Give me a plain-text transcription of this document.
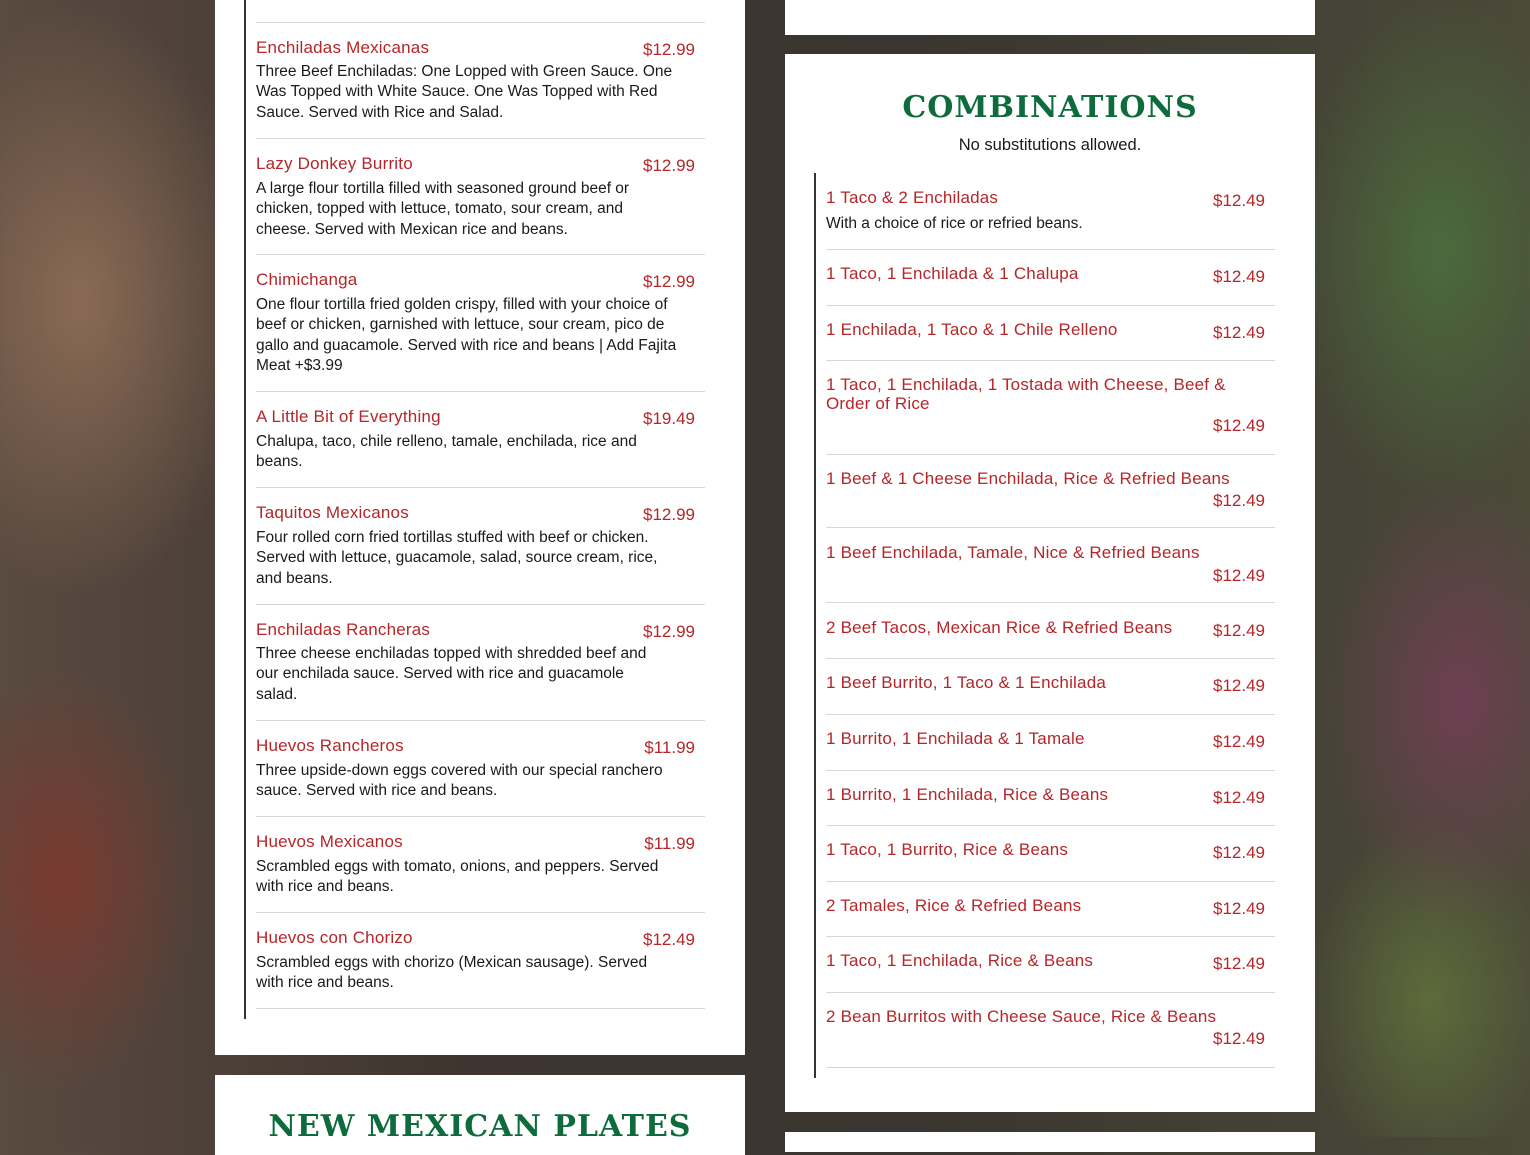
Enchiladas Mexicanas	$12.99
Three Beef Enchiladas: One Lopped with Green Sauce. One Was Topped with White Sauce. One Was Topped with Red Sauce. Served with Rice and Salad.
Lazy Donkey Burrito	$12.99
A large flour tortilla filled with seasoned ground beef or chicken, topped with lettuce, tomato, sour cream, and cheese. Served with Mexican rice and beans.
Chimichanga	$12.99
One flour tortilla fried golden crispy, filled with your choice of beef or chicken, garnished with lettuce, sour cream, pico de gallo and guacamole. Served with rice and beans | Add Fajita Meat +$3.99
A Little Bit of Everything	$19.49
Chalupa, taco, chile relleno, tamale, enchilada, rice and beans.
Taquitos Mexicanos	$12.99
Four rolled corn fried tortillas stuffed with beef or chicken. Served with lettuce, guacamole, salad, source cream, rice, and beans.
Enchiladas Rancheras	$12.99
Three cheese enchiladas topped with shredded beef and our enchilada sauce. Served with rice and guacamole salad.
Huevos Rancheros	$11.99
Three upside-down eggs covered with our special ranchero sauce. Served with rice and beans.
Huevos Mexicanos	$11.99
Scrambled eggs with tomato, onions, and peppers. Served with rice and beans.
Huevos con Chorizo	$12.49
Scrambled eggs with chorizo (Mexican sausage). Served with rice and beans.
NEW MEXICAN PLATES
COMBINATIONS
No substitutions allowed.
1 Taco & 2 Enchiladas	$12.49
With a choice of rice or refried beans.
1 Taco, 1 Enchilada & 1 Chalupa	$12.49
1 Enchilada, 1 Taco & 1 Chile Relleno	$12.49
1 Taco, 1 Enchilada, 1 Tostada with Cheese, Beef & Order of Rice
$12.49
1 Beef & 1 Cheese Enchilada, Rice & Refried Beans
$12.49
1 Beef Enchilada, Tamale, Nice & Refried Beans
$12.49
2 Beef Tacos, Mexican Rice & Refried Beans $12.49
1 Beef Burrito, 1 Taco & 1 Enchilada	$12.49
1 Burrito, 1 Enchilada & 1 Tamale	$12.49
1 Burrito, 1 Enchilada, Rice & Beans	$12.49
1 Taco, 1 Burrito, Rice & Beans	$12.49
2 Tamales, Rice & Refried Beans	$12.49
1 Taco, 1 Enchilada, Rice & Beans	$12.49
2 Bean Burritos with Cheese Sauce, Rice & Beans
$12.49
